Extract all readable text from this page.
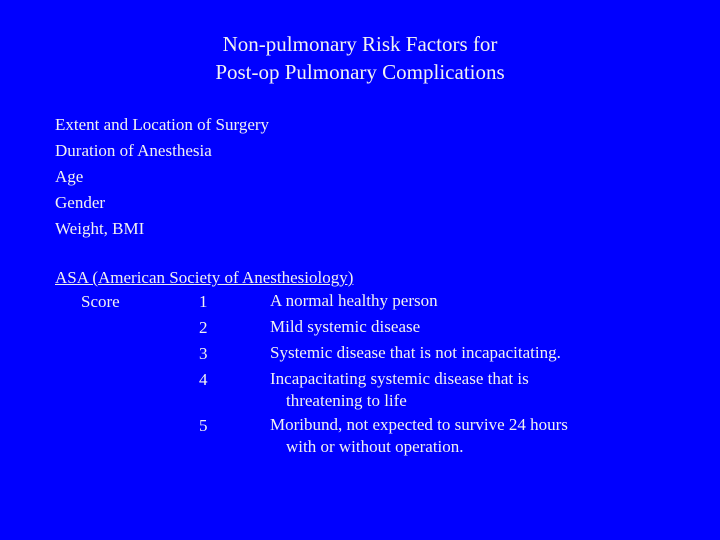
Non-pulmonary Risk Factors for
Post-op Pulmonary Complications
Extent and Location of Surgery
Duration of Anesthesia
Age
Gender
Weight, BMI
ASA (American Society of Anesthesiology)
Score	1	A normal healthy person
2	Mild systemic disease
3	Systemic disease that is not incapacitating.
4	Incapacitating systemic disease that is
threatening to life
5	Moribund, not expected to survive 24 hours
with or without operation.
